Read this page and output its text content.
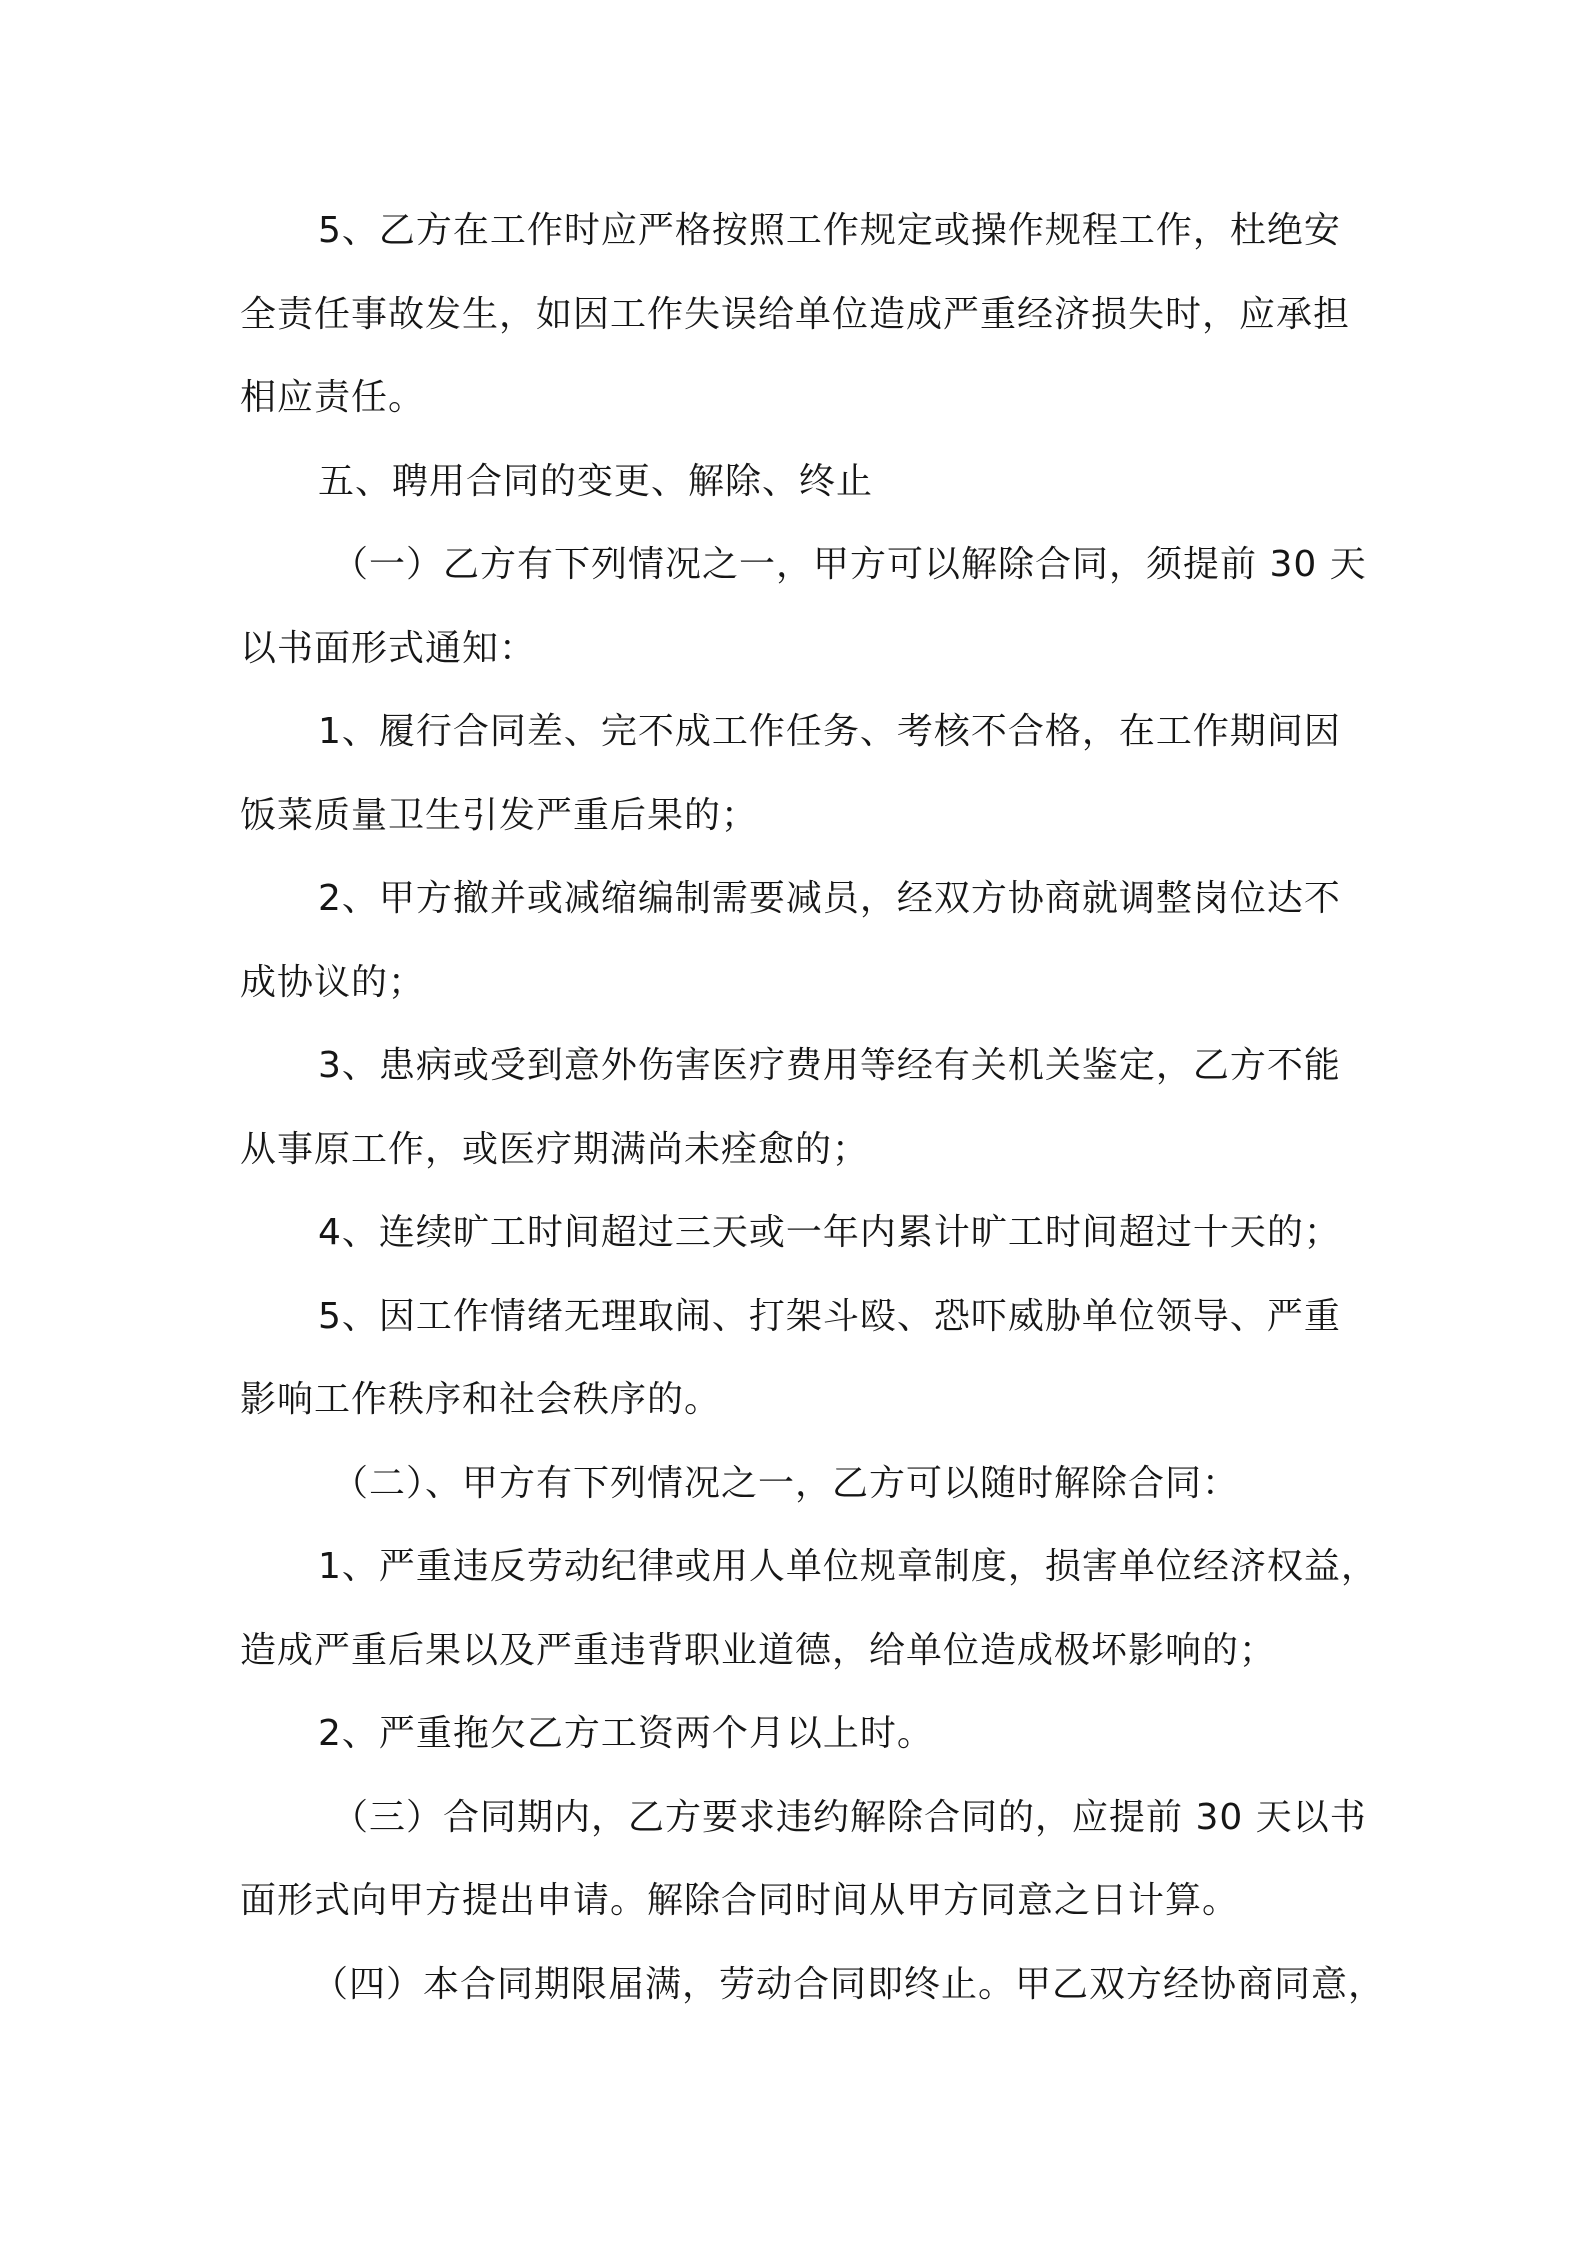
5、乙方在工作时应严格按照工作规定或操作规程工作，杜绝安
全责任事故发生，如因工作失误给单位造成严重经济损失时，应承担
相应责任。
五、聘用合同的变更、解除、终止
（一）乙方有下列情况之一，甲方可以解除合同，须提前 30 天
以书面形式通知：
1、履行合同差、完不成工作任务、考核不合格，在工作期间因
饭菜质量卫生引发严重后果的；
2、甲方撤并或减缩编制需要减员，经双方协商就调整岗位达不
成协议的；
3、患病或受到意外伤害医疗费用等经有关机关鉴定，乙方不能
从事原工作，或医疗期满尚未痊愈的；
4、连续旷工时间超过三天或一年内累计旷工时间超过十天的；
5、因工作情绪无理取闹、打架斗殴、恐吓威胁单位领导、严重
影响工作秩序和社会秩序的。
（二）、甲方有下列情况之一，乙方可以随时解除合同：
1、严重违反劳动纪律或用人单位规章制度，损害单位经济权益，
造成严重后果以及严重违背职业道德，给单位造成极坏影响的；
2、严重拖欠乙方工资两个月以上时。
（三）合同期内，乙方要求违约解除合同的，应提前 30 天以书
面形式向甲方提出申请。解除合同时间从甲方同意之日计算。
（四）本合同期限届满，劳动合同即终止。甲乙双方经协商同意，
